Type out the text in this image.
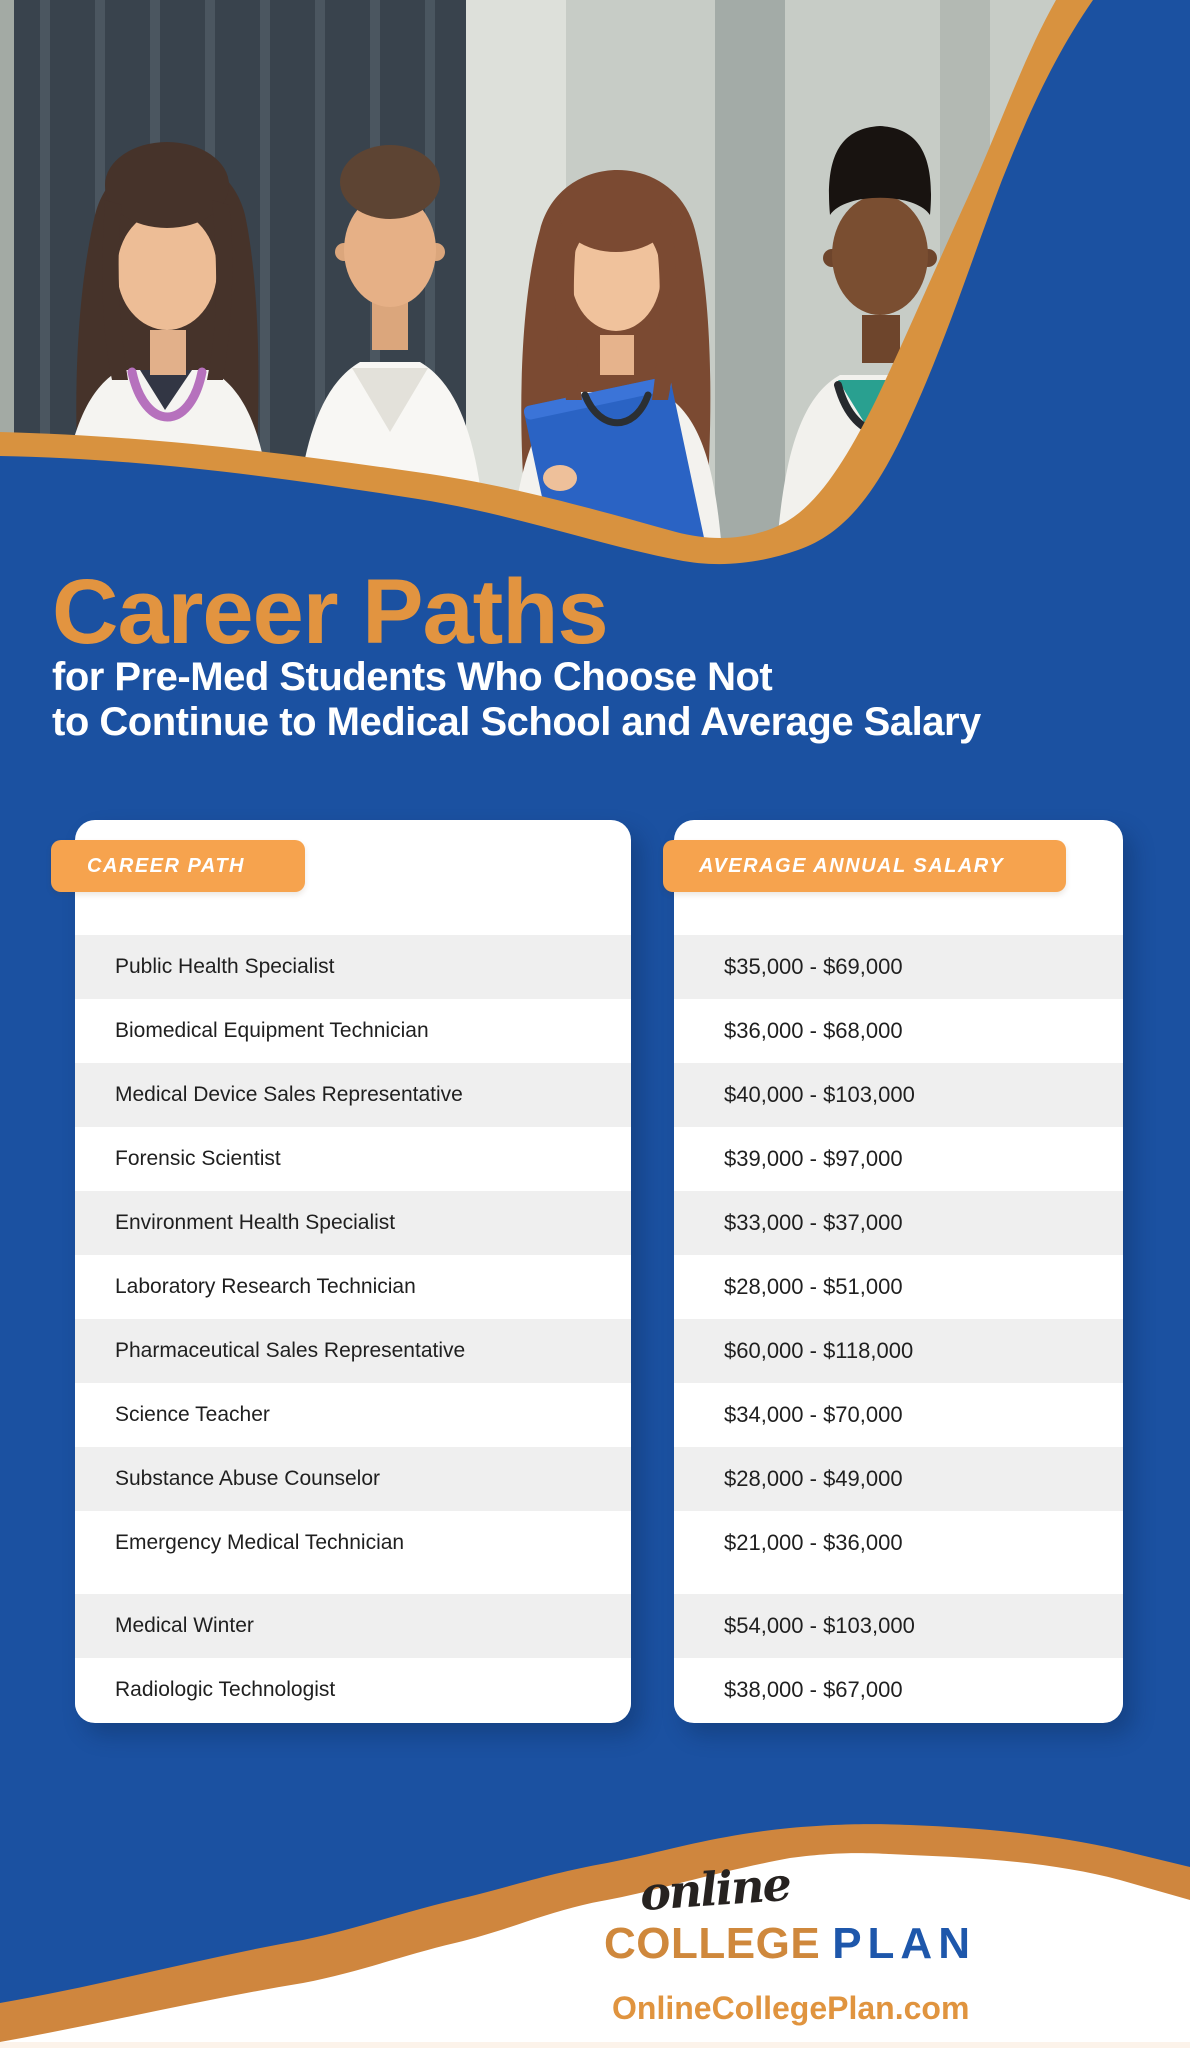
Career Paths
for Pre-Med Students Who Choose Not
to Continue to Medical School and Average Salary
Public Health Specialist
Biomedical Equipment Technician
Medical Device Sales Representative
Forensic Scientist
Environment Health Specialist
Laboratory Research Technician
Pharmaceutical Sales Representative
Science Teacher
Substance Abuse Counselor
Emergency Medical Technician
Medical Winter
Radiologic Technologist
$35,000 - $69,000
$36,000 - $68,000
$40,000 - $103,000
$39,000 - $97,000
$33,000 - $37,000
$28,000 - $51,000
$60,000 - $118,000
$34,000 - $70,000
$28,000 - $49,000
$21,000 - $36,000
$54,000 - $103,000
$38,000 - $67,000
CAREER PATH	AVERAGE ANNUAL SALARY
online
COLLEGE PLAN
OnlineCollegePlan.com
